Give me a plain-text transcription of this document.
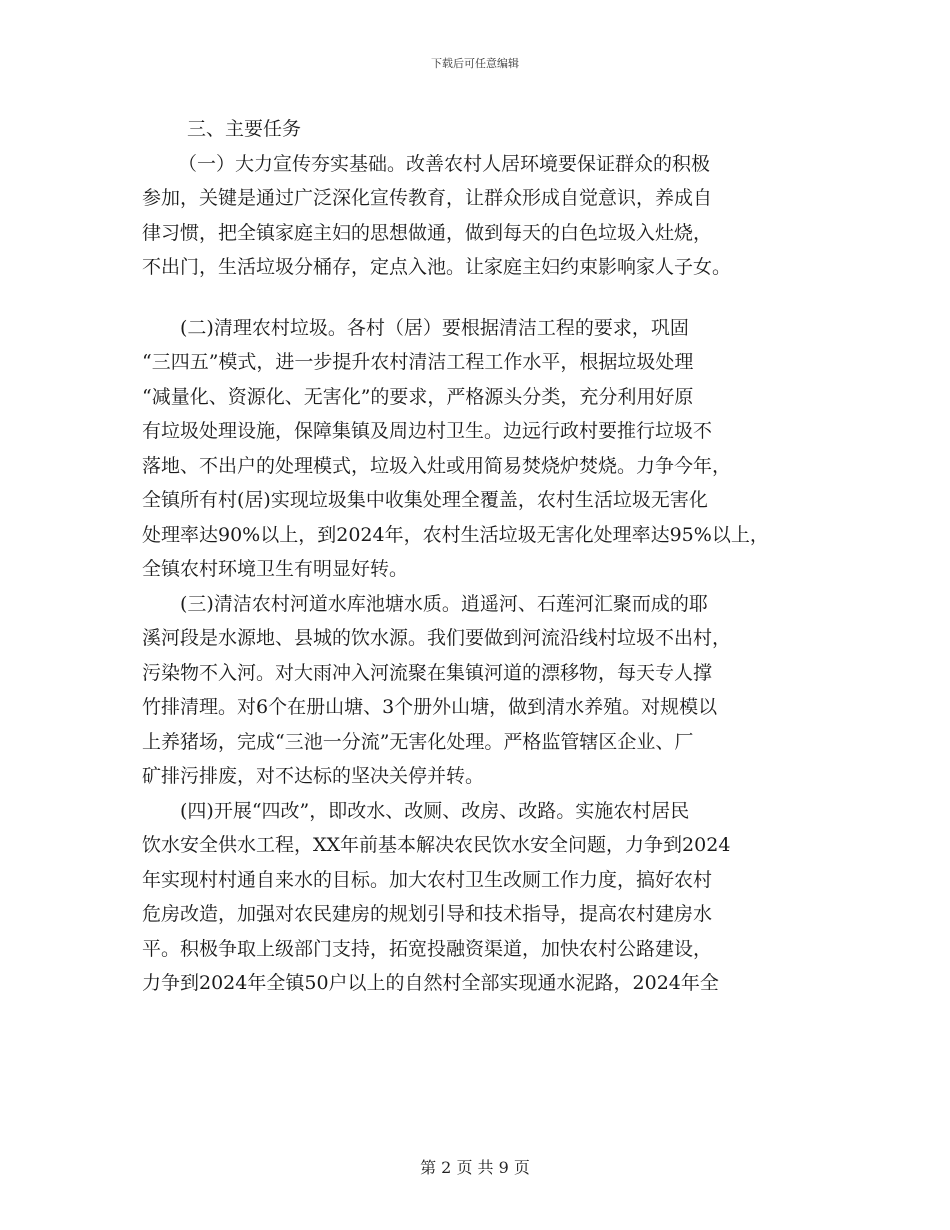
下载后可任意编辑
三、主要任务
（一）大力宣传夯实基础。改善农村人居环境要保证群众的积极
参加，关键是通过广泛深化宣传教育，让群众形成自觉意识，养成自
律习惯，把全镇家庭主妇的思想做通，做到每天的白色垃圾入灶烧，
不出门，生活垃圾分桶存，定点入池。让家庭主妇约束影响家人子女。
(二)清理农村垃圾。各村（居）要根据清洁工程的要求，巩固
“三四五”模式，进一步提升农村清洁工程工作水平，根据垃圾处理
“减量化、资源化、无害化”的要求，严格源头分类，充分利用好原
有垃圾处理设施，保障集镇及周边村卫生。边远行政村要推行垃圾不
落地、不出户的处理模式，垃圾入灶或用简易焚烧炉焚烧。力争今年，
全镇所有村(居)实现垃圾集中收集处理全覆盖，农村生活垃圾无害化
处理率达90%以上，到2024年，农村生活垃圾无害化处理率达95%以上，
全镇农村环境卫生有明显好转。
(三)清洁农村河道水库池塘水质。逍遥河、石莲河汇聚而成的耶
溪河段是水源地、县城的饮水源。我们要做到河流沿线村垃圾不出村，
污染物不入河。对大雨冲入河流聚在集镇河道的漂移物，每天专人撑
竹排清理。对6个在册山塘、3个册外山塘，做到清水养殖。对规模以
上养猪场，完成“三池一分流”无害化处理。严格监管辖区企业、厂
矿排污排废，对不达标的坚决关停并转。
(四)开展“四改”，即改水、改厕、改房、改路。实施农村居民
饮水安全供水工程，XX年前基本解决农民饮水安全问题，力争到2024
年实现村村通自来水的目标。加大农村卫生改厕工作力度，搞好农村
危房改造，加强对农民建房的规划引导和技术指导，提高农村建房水
平。积极争取上级部门支持，拓宽投融资渠道，加快农村公路建设，
力争到2024年全镇50户以上的自然村全部实现通水泥路，2024年全
第 2 页 共 9 页
